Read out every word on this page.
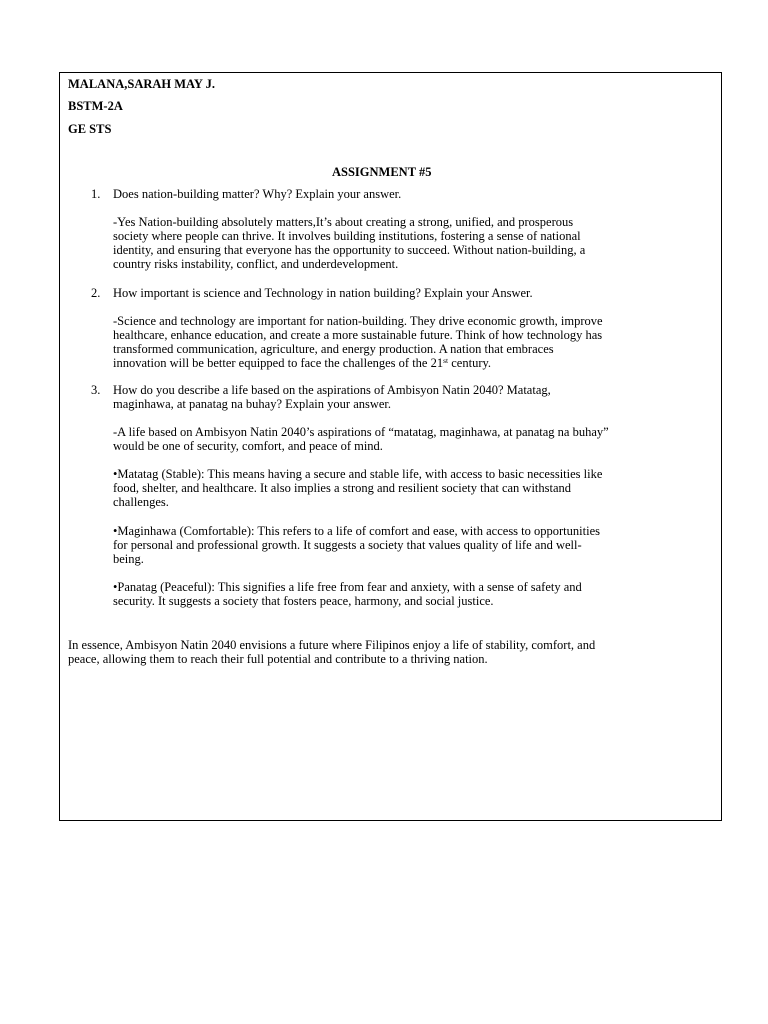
MALANA,SARAH MAY J.
BSTM-2A
GE STS
ASSIGNMENT #5
1. Does nation-building matter? Why? Explain your answer.
-Yes Nation-building absolutely matters,It’s about creating a strong, unified, and prosperous
society where people can thrive. It involves building institutions, fostering a sense of national
identity, and ensuring that everyone has the opportunity to succeed. Without nation-building, a
country risks instability, conflict, and underdevelopment.
2. How important is science and Technology in nation building? Explain your Answer.
-Science and technology are important for nation-building. They drive economic growth, improve
healthcare, enhance education, and create a more sustainable future. Think of how technology has
transformed communication, agriculture, and energy production. A nation that embraces
innovation will be better equipped to face the challenges of the 21st century.
3. How do you describe a life based on the aspirations of Ambisyon Natin 2040? Matatag,
maginhawa, at panatag na buhay? Explain your answer.
-A life based on Ambisyon Natin 2040’s aspirations of “matatag, maginhawa, at panatag na buhay”
would be one of security, comfort, and peace of mind.
•Matatag (Stable): This means having a secure and stable life, with access to basic necessities like
food, shelter, and healthcare. It also implies a strong and resilient society that can withstand
challenges.
•Maginhawa (Comfortable): This refers to a life of comfort and ease, with access to opportunities
for personal and professional growth. It suggests a society that values quality of life and well-
being.
•Panatag (Peaceful): This signifies a life free from fear and anxiety, with a sense of safety and
security. It suggests a society that fosters peace, harmony, and social justice.
In essence, Ambisyon Natin 2040 envisions a future where Filipinos enjoy a life of stability, comfort, and
peace, allowing them to reach their full potential and contribute to a thriving nation.
